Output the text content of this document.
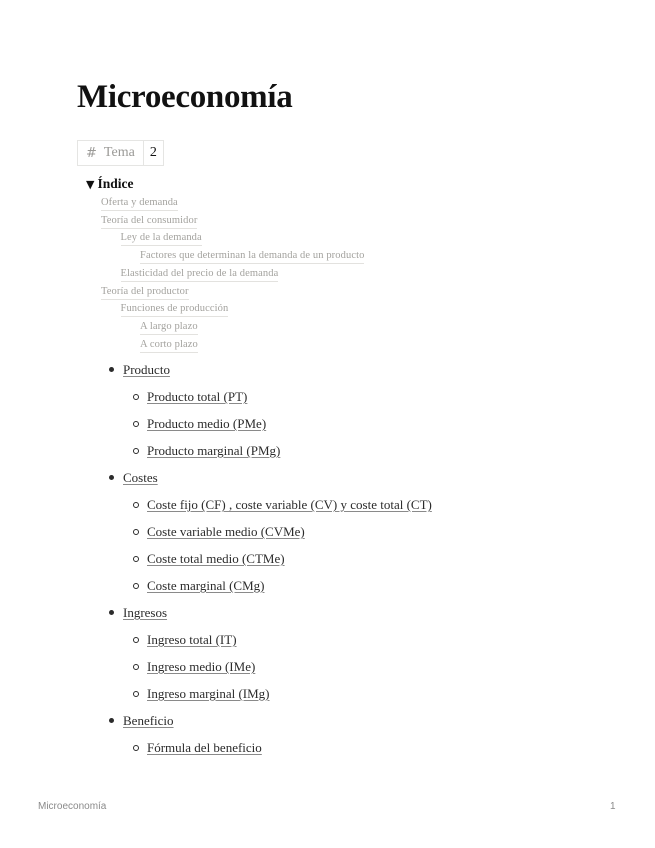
Microeconomía
# Tema	2
▼ Índice
Oferta y demanda
Teoría del consumidor
Ley de la demanda
Factores que determinan la demanda de un producto
Elasticidad del precio de la demanda
Teoría del productor
Funciones de producción
A largo plazo
A corto plazo
Producto
Producto total (PT)
Producto medio (PMe)
Producto marginal (PMg)
Costes
Coste fijo (CF) , coste variable (CV) y coste total (CT)
Coste variable medio (CVMe)
Coste total medio (CTMe)
Coste marginal (CMg)
Ingresos
Ingreso total (IT)
Ingreso medio (IMe)
Ingreso marginal (IMg)
Beneficio
Fórmula del beneficio
Microeconomía	1
